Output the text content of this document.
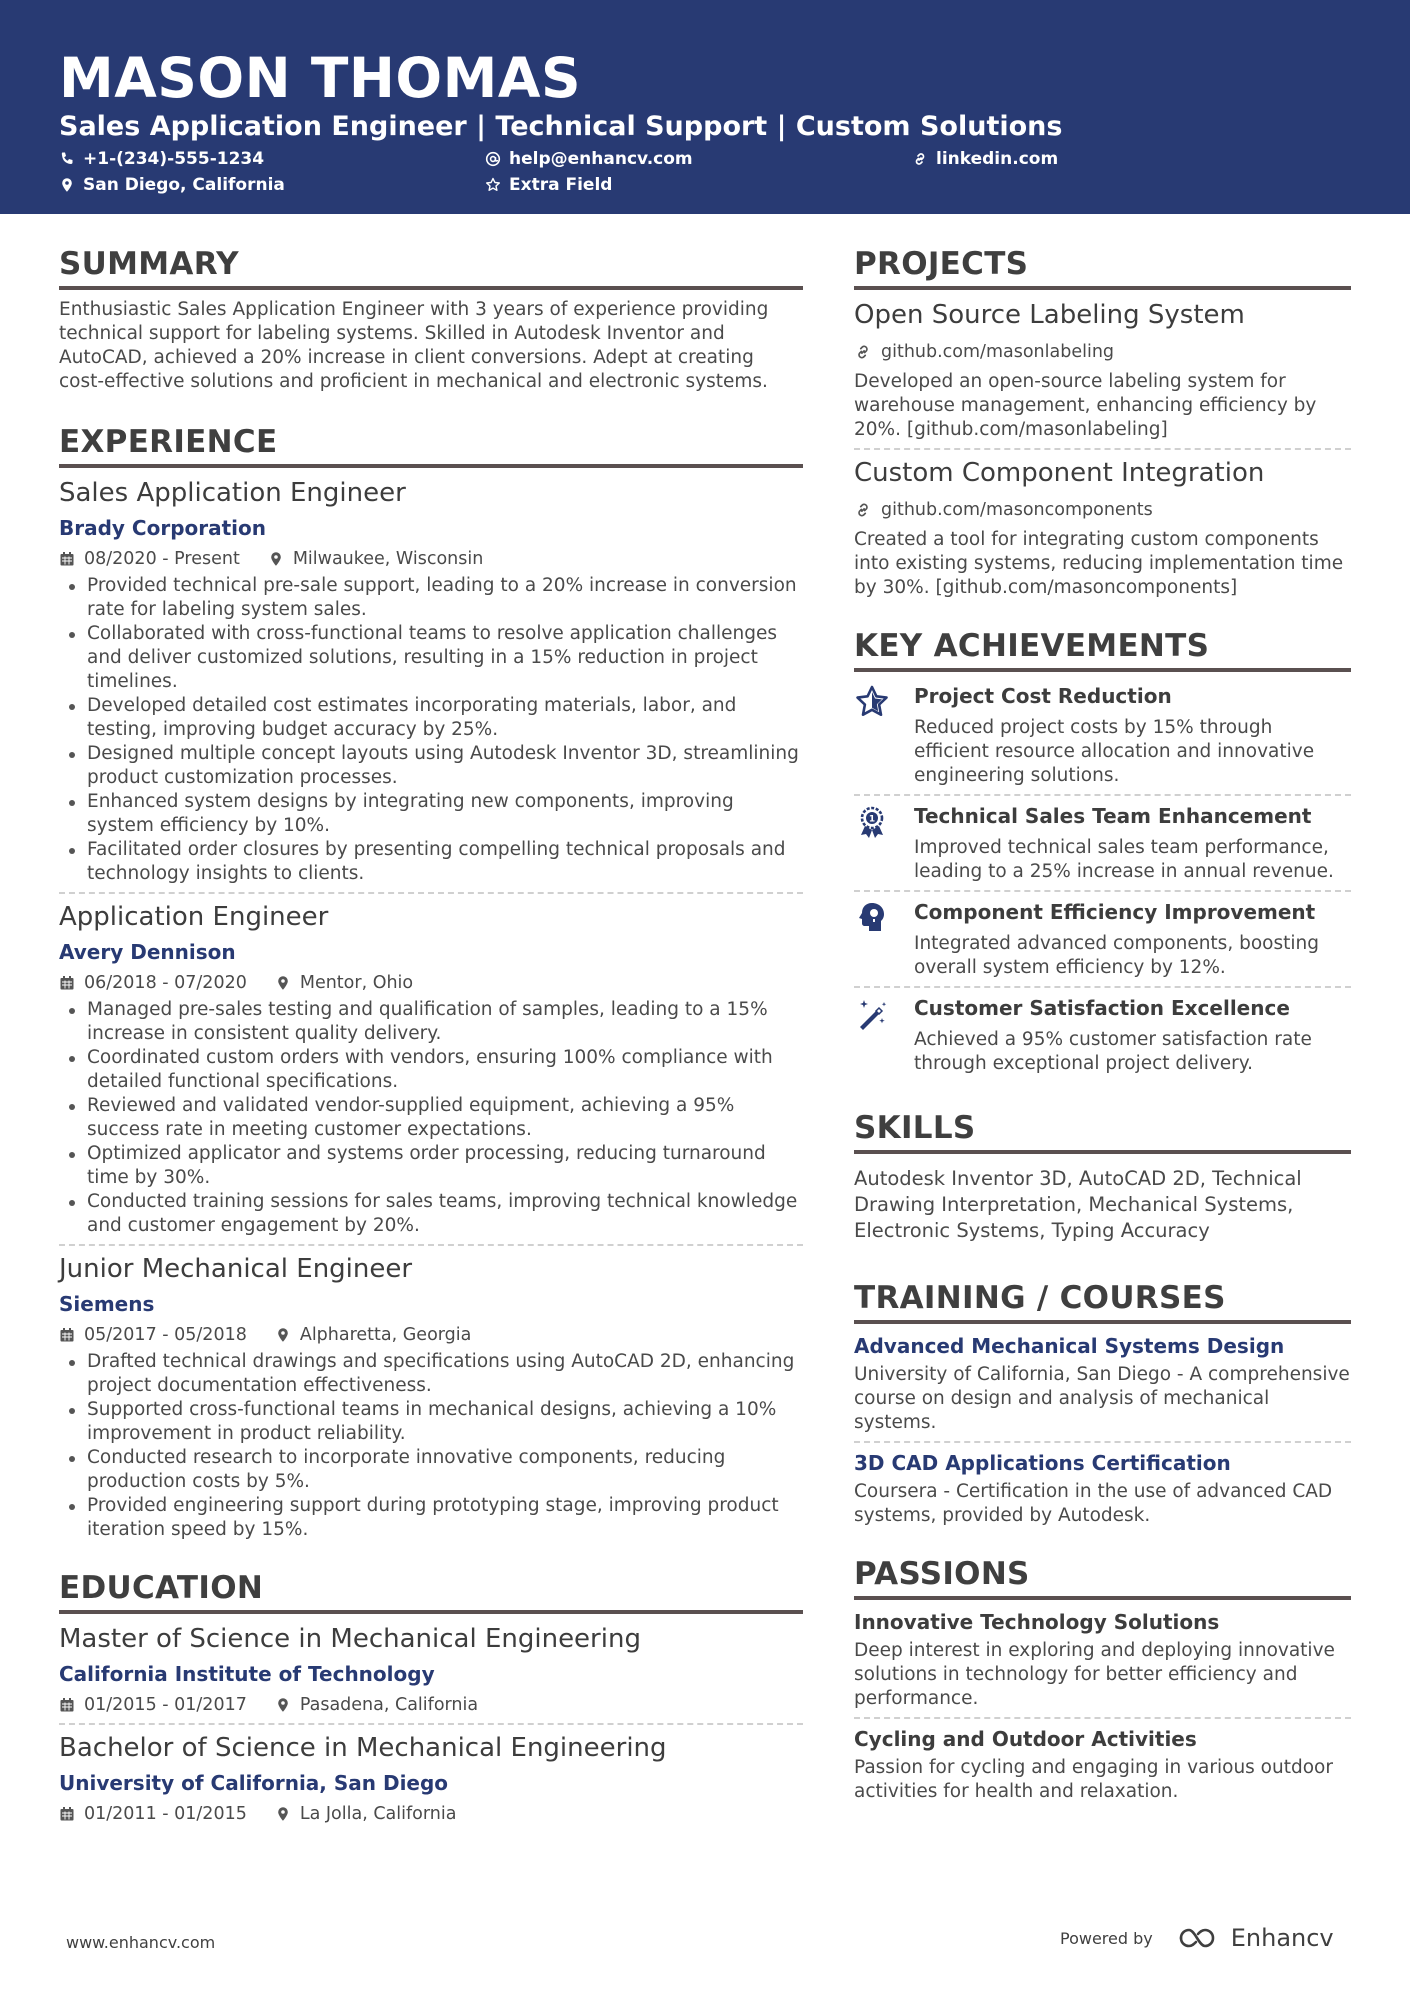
MASON THOMAS
Sales Application Engineer | Technical Support | Custom Solutions
+1-(234)-555-1234	help@enhancv.com	linkedin.com
San Diego, California	Extra Field
SUMMARY
Enthusiastic Sales Application Engineer with 3 years of experience providing technical support for labeling systems. Skilled in Autodesk Inventor and AutoCAD, achieved a 20% increase in client conversions. Adept at creating cost-effective solutions and proficient in mechanical and electronic systems.
EXPERIENCE
Sales Application Engineer
Brady Corporation
08/2020 - Present	Milwaukee, Wisconsin
Provided technical pre-sale support, leading to a 20% increase in conversion rate for labeling system sales.
Collaborated with cross-functional teams to resolve application challenges and deliver customized solutions, resulting in a 15% reduction in project timelines.
Developed detailed cost estimates incorporating materials, labor, and testing, improving budget accuracy by 25%.
Designed multiple concept layouts using Autodesk Inventor 3D, streamlining product customization processes.
Enhanced system designs by integrating new components, improving system efficiency by 10%.
Facilitated order closures by presenting compelling technical proposals and technology insights to clients.
Application Engineer
Avery Dennison
06/2018 - 07/2020	Mentor, Ohio
Managed pre-sales testing and qualification of samples, leading to a 15% increase in consistent quality delivery.
Coordinated custom orders with vendors, ensuring 100% compliance with detailed functional specifications.
Reviewed and validated vendor-supplied equipment, achieving a 95% success rate in meeting customer expectations.
Optimized applicator and systems order processing, reducing turnaround time by 30%.
Conducted training sessions for sales teams, improving technical knowledge and customer engagement by 20%.
Junior Mechanical Engineer
Siemens
05/2017 - 05/2018	Alpharetta, Georgia
Drafted technical drawings and specifications using AutoCAD 2D, enhancing project documentation effectiveness.
Supported cross-functional teams in mechanical designs, achieving a 10% improvement in product reliability.
Conducted research to incorporate innovative components, reducing production costs by 5%.
Provided engineering support during prototyping stage, improving product iteration speed by 15%.
EDUCATION
Master of Science in Mechanical Engineering
California Institute of Technology
01/2015 - 01/2017	Pasadena, California
Bachelor of Science in Mechanical Engineering
University of California, San Diego
01/2011 - 01/2015	La Jolla, California
PROJECTS
Open Source Labeling System
github.com/masonlabeling
Developed an open-source labeling system for warehouse management, enhancing efficiency by 20%. [github.com/masonlabeling]
Custom Component Integration
github.com/masoncomponents
Created a tool for integrating custom components into existing systems, reducing implementation time by 30%. [github.com/masoncomponents]
KEY ACHIEVEMENTS
Project Cost Reduction
Reduced project costs by 15% through efficient resource allocation and innovative engineering solutions.
1 Technical Sales Team Enhancement
Improved technical sales team performance, leading to a 25% increase in annual revenue.
Component Efficiency Improvement
Integrated advanced components, boosting overall system efficiency by 12%.
Customer Satisfaction Excellence
Achieved a 95% customer satisfaction rate through exceptional project delivery.
SKILLS
Autodesk Inventor 3D, AutoCAD 2D, Technical Drawing Interpretation, Mechanical Systems, Electronic Systems, Typing Accuracy
TRAINING / COURSES
Advanced Mechanical Systems Design
University of California, San Diego - A comprehensive course on design and analysis of mechanical systems.
3D CAD Applications Certification
Coursera - Certification in the use of advanced CAD systems, provided by Autodesk.
PASSIONS
Innovative Technology Solutions
Deep interest in exploring and deploying innovative solutions in technology for better efficiency and performance.
Cycling and Outdoor Activities
Passion for cycling and engaging in various outdoor activities for health and relaxation.
www.enhancv.com	Powered by	Enhancv
